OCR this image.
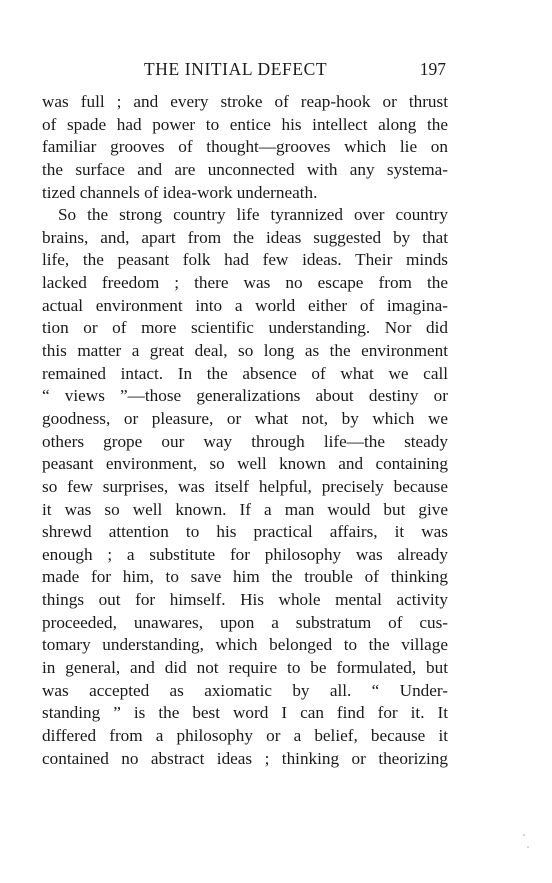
THE INITIAL DEFECT	197
was full ; and every stroke of reap-hook or thrust
of spade had power to entice his intellect along the
familiar grooves of thought—grooves which lie on
the surface and are unconnected with any systema-
tized channels of idea-work underneath.
So the strong country life tyrannized over country
brains, and, apart from the ideas suggested by that
life, the peasant folk had few ideas. Their minds
lacked freedom ; there was no escape from the
actual environment into a world either of imagina-
tion or of more scientific understanding. Nor did
this matter a great deal, so long as the environment
remained intact. In the absence of what we call
“ views ”—those generalizations about destiny or
goodness, or pleasure, or what not, by which we
others grope our way through life—the steady
peasant environment, so well known and containing
so few surprises, was itself helpful, precisely because
it was so well known. If a man would but give
shrewd attention to his practical affairs, it was
enough ; a substitute for philosophy was already
made for him, to save him the trouble of thinking
things out for himself. His whole mental activity
proceeded, unawares, upon a substratum of cus-
tomary understanding, which belonged to the village
in general, and did not require to be formulated, but
was accepted as axiomatic by all. “ Under-
standing ” is the best word I can find for it. It
differed from a philosophy or a belief, because it
contained no abstract ideas ; thinking or theorizing
